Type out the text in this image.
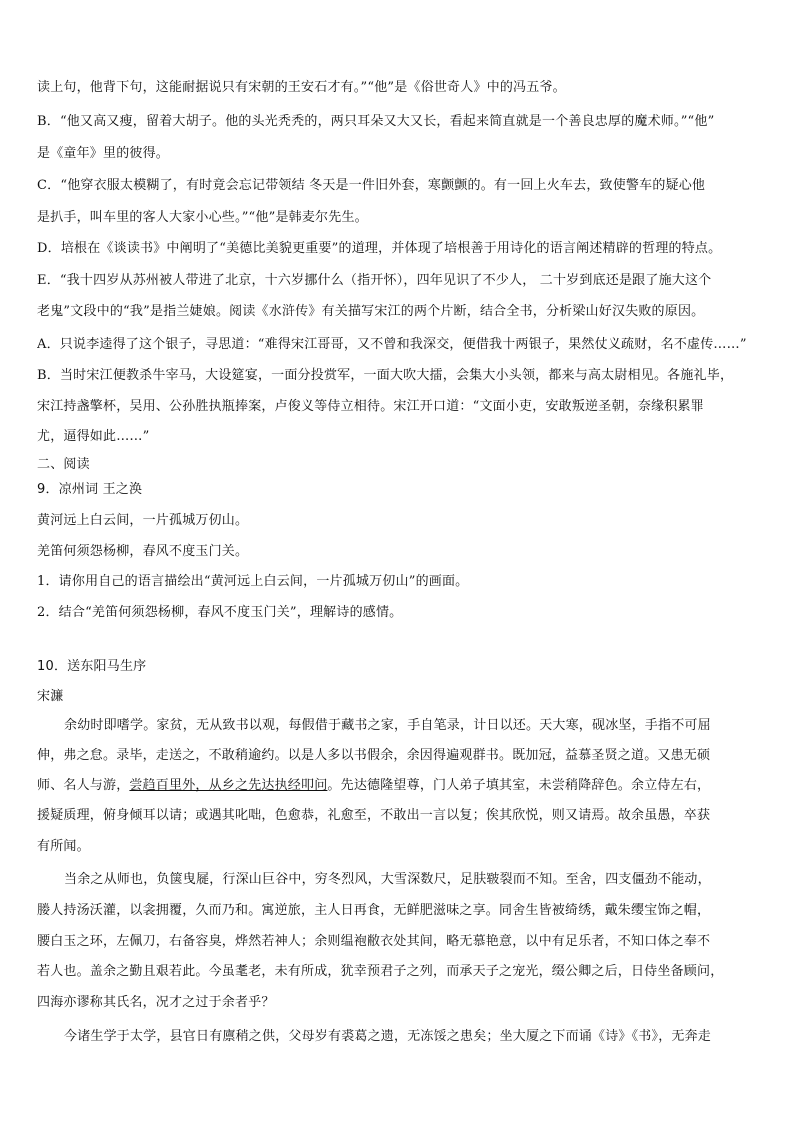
读上句，他背下句，这能耐据说只有宋朝的王安石才有。”“他”是《俗世奇人》中的冯五爷。
B．“他又高又瘦，留着大胡子。他的头光秃秃的，两只耳朵又大又长，看起来简直就是一个善良忠厚的魔术师。”“他”
是《童年》里的彼得。
C．“他穿衣服太模糊了，有时竟会忘记带领结 冬天是一件旧外套，寒颤颤的。有一回上火车去，致使警车的疑心他
是扒手，叫车里的客人大家小心些。”“他”是韩麦尔先生。
D．培根在《谈读书》中阐明了“美德比美貌更重要”的道理，并体现了培根善于用诗化的语言阐述精辟的哲理的特点。
E．“我十四岁从苏州被人带进了北京，十六岁挪什么（指开怀），四年见识了不少人， 二十岁到底还是跟了施大这个
老鬼”文段中的“我”是指兰婕娘。阅读《水浒传》有关描写宋江的两个片断，结合全书，分析梁山好汉失败的原因。
A．只说李逵得了这个银子，寻思道：“难得宋江哥哥，又不曾和我深交，便借我十两银子，果然仗义疏财，名不虚传……”
B．当时宋江便教杀牛宰马，大设筵宴，一面分投赏军，一面大吹大擂，会集大小头领，都来与高太尉相见。各施礼毕，
宋江持盏擎杯，吴用、公孙胜执瓶捧案，卢俊义等侍立相待。宋江开口道：“文面小吏，安敢叛逆圣朝，奈缘积累罪
尤，逼得如此……”
二、阅读
9．凉州词 王之涣
黄河远上白云间，一片孤城万仞山。
羌笛何须怨杨柳，春风不度玉门关。
1．请你用自己的语言描绘出“黄河远上白云间，一片孤城万仞山”的画面。
2．结合“羌笛何须怨杨柳，春风不度玉门关”，理解诗的感情。
10．送东阳马生序
宋濂
余幼时即嗜学。家贫，无从致书以观，每假借于藏书之家，手自笔录，计日以还。天大寒，砚冰坚，手指不可屈
伸，弗之怠。录毕，走送之，不敢稍逾约。以是人多以书假余，余因得遍观群书。既加冠，益慕圣贤之道。又患无硕
师、名人与游，尝趋百里外，从乡之先达执经叩问。先达德隆望尊，门人弟子填其室，未尝稍降辞色。余立侍左右，
援疑质理，俯身倾耳以请；或遇其叱咄，色愈恭，礼愈至，不敢出一言以复；俟其欣悦，则又请焉。故余虽愚，卒获
有所闻。
当余之从师也，负箧曳屣，行深山巨谷中，穷冬烈风，大雪深数尺，足肤皲裂而不知。至舍，四支僵劲不能动，
媵人持汤沃灌，以衾拥覆，久而乃和。寓逆旅，主人日再食，无鲜肥滋味之享。同舍生皆被绮绣，戴朱缨宝饰之帽，
腰白玉之环，左佩刀，右备容臭，烨然若神人；余则缊袍敝衣处其间，略无慕艳意，以中有足乐者，不知口体之奉不
若人也。盖余之勤且艰若此。今虽耄老，未有所成，犹幸预君子之列，而承天子之宠光，缀公卿之后，日侍坐备顾问，
四海亦谬称其氏名，况才之过于余者乎？
今诸生学于太学，县官日有廪稍之供，父母岁有裘葛之遗，无冻馁之患矣；坐大厦之下而诵《诗》《书》，无奔走
